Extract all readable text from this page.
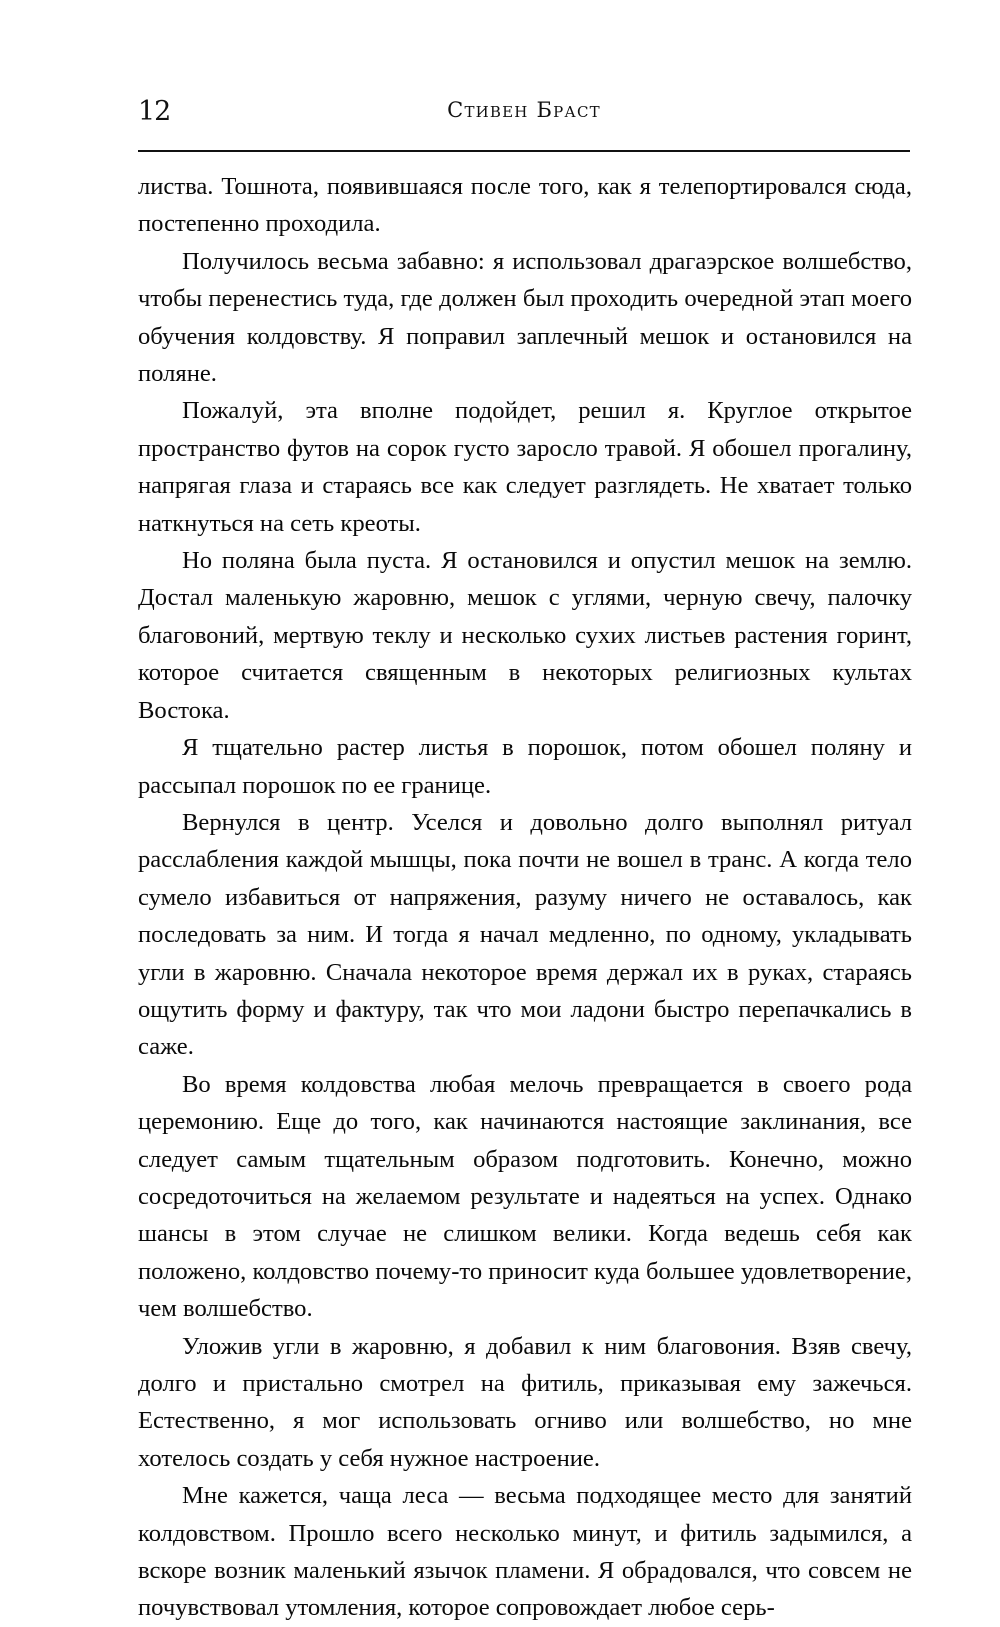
12	Стивен Браст

листва. Тошнота, появившаяся после того, как я телепортировался сюда, постепенно проходила.

Получилось весьма забавно: я использовал драгаэрское волшебство, чтобы перенестись туда, где должен был проходить очередной этап моего обучения колдовству. Я поправил заплечный мешок и остановился на поляне.

Пожалуй, эта вполне подойдет, решил я. Круглое открытое пространство футов на сорок густо заросло травой. Я обошел прогалину, напрягая глаза и стараясь все как следует разглядеть. Не хватает только наткнуться на сеть креоты.

Но поляна была пуста. Я остановился и опустил мешок на землю. Достал маленькую жаровню, мешок с углями, черную свечу, палочку благовоний, мертвую теклу и несколько сухих листьев растения горинт, которое считается священным в некоторых религиозных культах Востока.

Я тщательно растер листья в порошок, потом обошел поляну и рассыпал порошок по ее границе.

Вернулся в центр. Уселся и довольно долго выполнял ритуал расслабления каждой мышцы, пока почти не вошел в транс. А когда тело сумело избавиться от напряжения, разуму ничего не оставалось, как последовать за ним. И тогда я начал медленно, по одному, укладывать угли в жаровню. Сначала некоторое время держал их в руках, стараясь ощутить форму и фактуру, так что мои ладони быстро перепачкались в саже.

Во время колдовства любая мелочь превращается в своего рода церемонию. Еще до того, как начинаются настоящие заклинания, все следует самым тщательным образом подготовить. Конечно, можно сосредоточиться на желаемом результате и надеяться на успех. Однако шансы в этом случае не слишком велики. Когда ведешь себя как положено, колдовство почему-то приносит куда большее удовлетворение, чем волшебство.

Уложив угли в жаровню, я добавил к ним благовония. Взяв свечу, долго и пристально смотрел на фитиль, приказывая ему зажечься. Естественно, я мог использовать огниво или волшебство, но мне хотелось создать у себя нужное настроение.

Мне кажется, чаща леса — весьма подходящее место для занятий колдовством. Прошло всего несколько минут, и фитиль задымился, а вскоре возник маленький язычок пламени. Я обрадовался, что совсем не почувствовал утомления, которое сопровождает любое серь-
